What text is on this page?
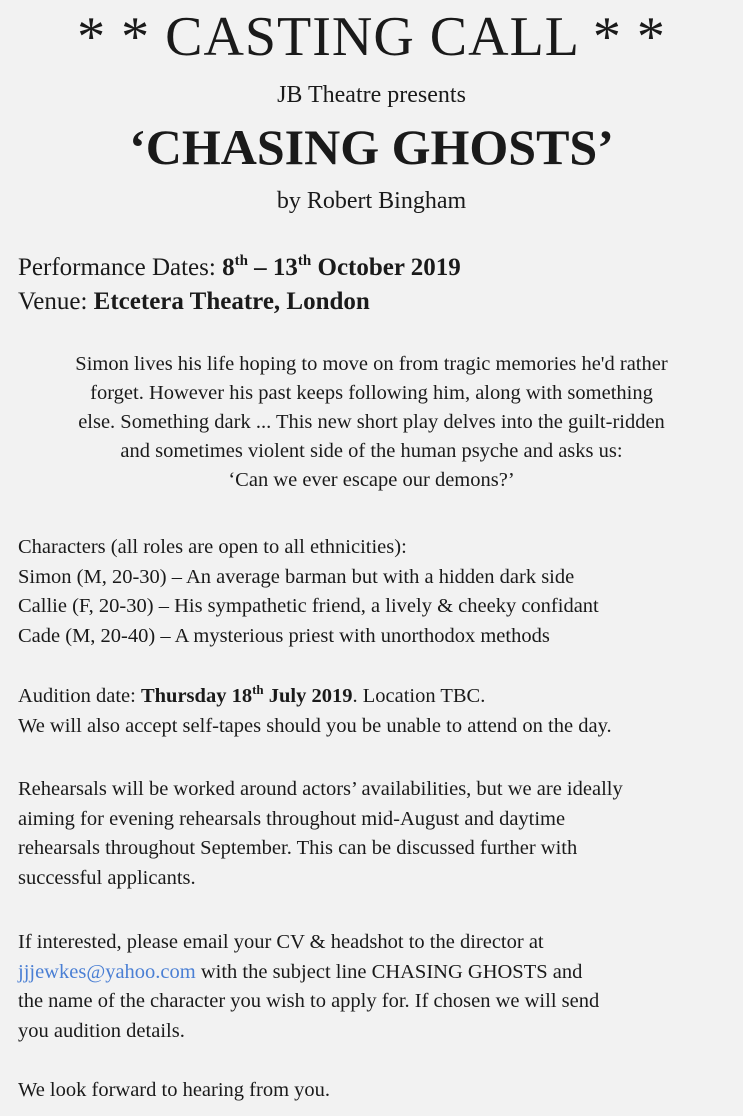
* * CASTING CALL * *
JB Theatre presents
‘CHASING GHOSTS’
by Robert Bingham
Performance Dates: 8th – 13th October 2019
Venue: Etcetera Theatre, London
Simon lives his life hoping to move on from tragic memories he'd rather
forget. However his past keeps following him, along with something
else. Something dark ... This new short play delves into the guilt-ridden
and sometimes violent side of the human psyche and asks us:
‘Can we ever escape our demons?’
Characters (all roles are open to all ethnicities):
Simon (M, 20-30) – An average barman but with a hidden dark side
Callie (F, 20-30) – His sympathetic friend, a lively & cheeky confidant
Cade (M, 20-40) – A mysterious priest with unorthodox methods
Audition date: Thursday 18th July 2019. Location TBC.
We will also accept self-tapes should you be unable to attend on the day.
Rehearsals will be worked around actors’ availabilities, but we are ideally
aiming for evening rehearsals throughout mid-August and daytime
rehearsals throughout September. This can be discussed further with
successful applicants.
If interested, please email your CV & headshot to the director at
jjjewkes@yahoo.com with the subject line CHASING GHOSTS and
the name of the character you wish to apply for. If chosen we will send
you audition details.
We look forward to hearing from you.
